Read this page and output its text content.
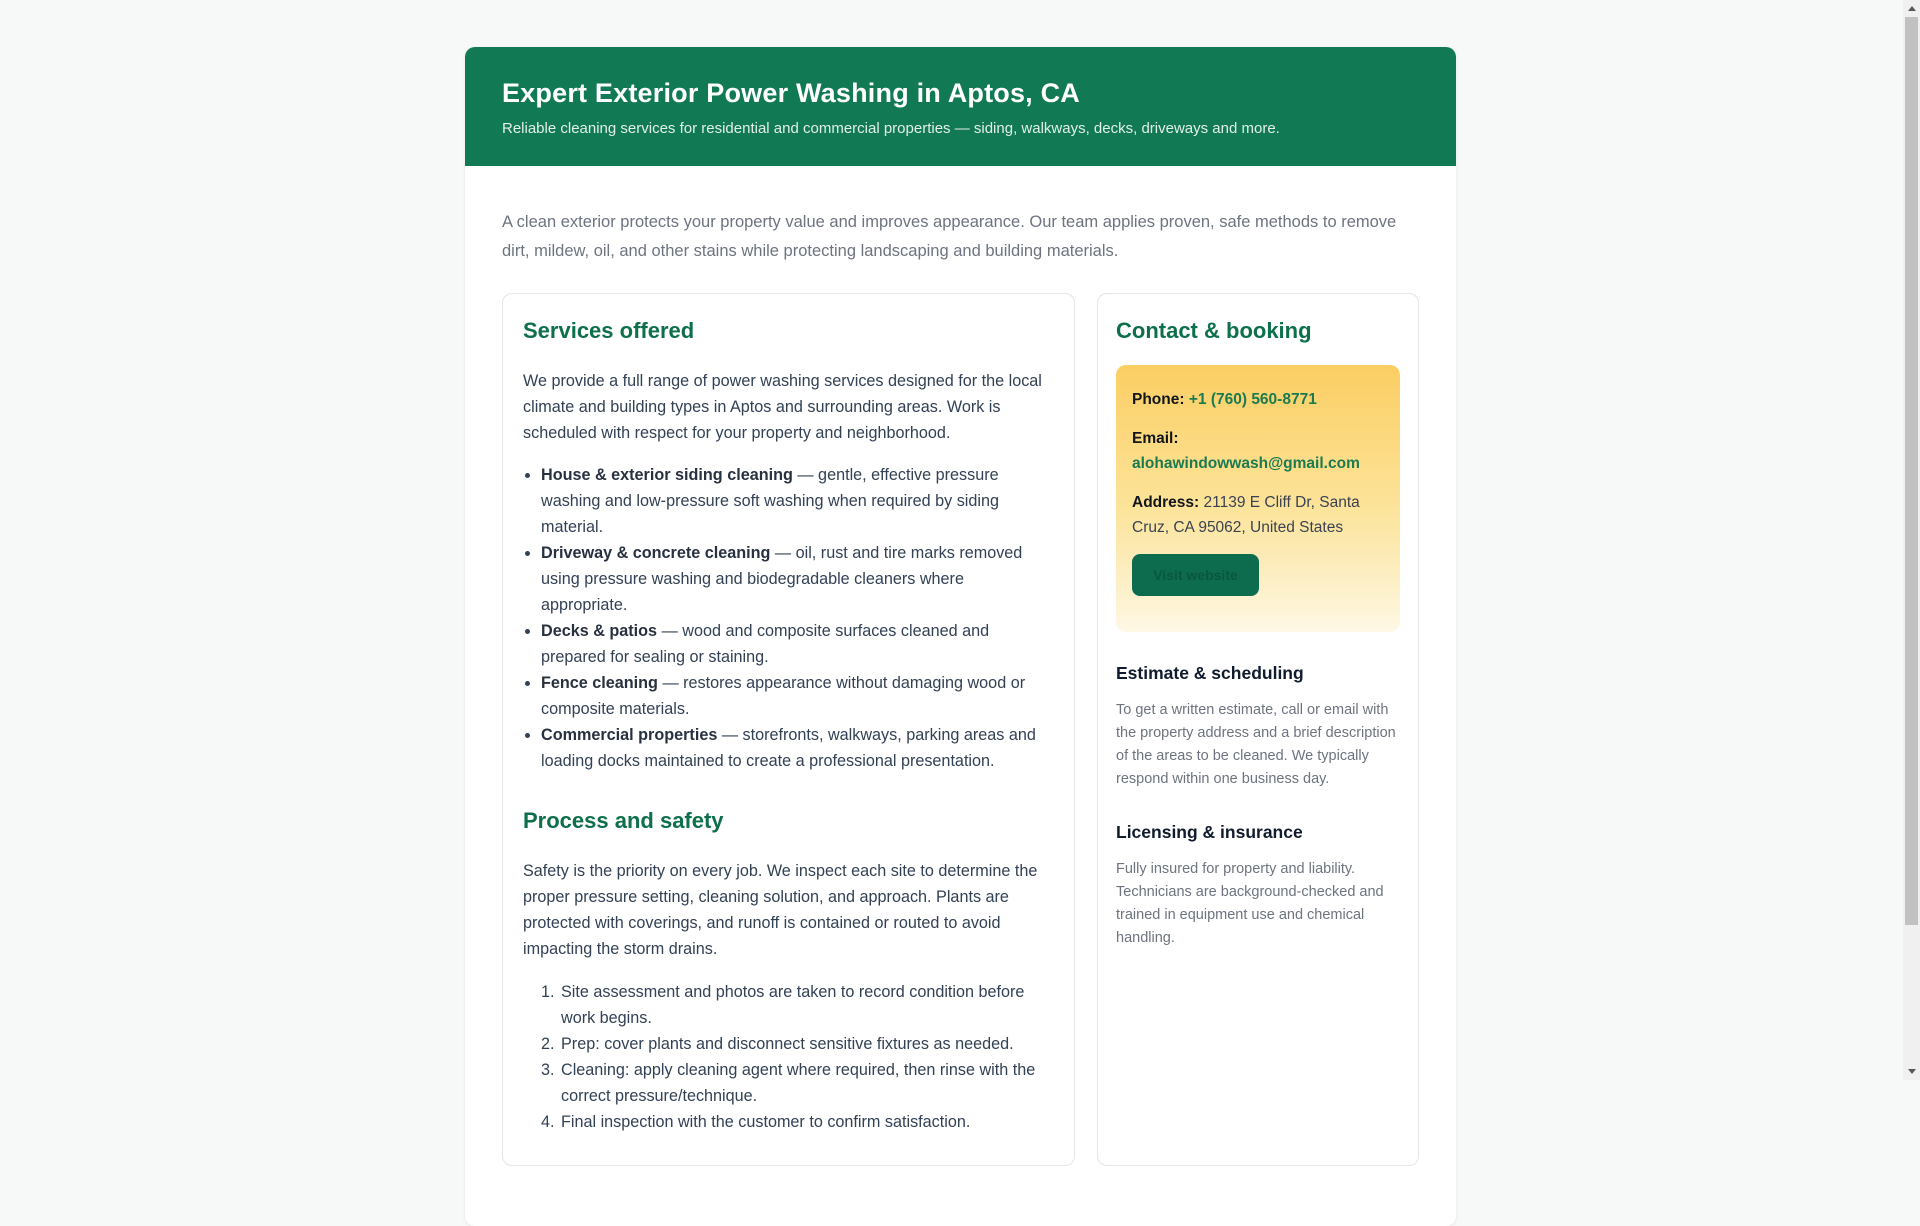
Expert Exterior Power Washing in Aptos, CA

Reliable cleaning services for residential and commercial properties — siding, walkways, decks, driveways and more.

A clean exterior protects your property value and improves appearance. Our team applies proven, safe methods to remove dirt, mildew, oil, and other stains while protecting landscaping and building materials.

Services offered

We provide a full range of power washing services designed for the local climate and building types in Aptos and surrounding areas. Work is scheduled with respect for your property and neighborhood.

• House & exterior siding cleaning — gentle, effective pressure washing and low-pressure soft washing when required by siding material.
• Driveway & concrete cleaning — oil, rust and tire marks removed using pressure washing and biodegradable cleaners where appropriate.
• Decks & patios — wood and composite surfaces cleaned and prepared for sealing or staining.
• Fence cleaning — restores appearance without damaging wood or composite materials.
• Commercial properties — storefronts, walkways, parking areas and loading docks maintained to create a professional presentation.
Process and safety

Safety is the priority on every job. We inspect each site to determine the proper pressure setting, cleaning solution, and approach. Plants are protected with coverings, and runoff is contained or routed to avoid impacting the storm drains.

1. Site assessment and photos are taken to record condition before work begins.
2. Prep: cover plants and disconnect sensitive fixtures as needed.
3. Cleaning: apply cleaning agent where required, then rinse with the correct pressure/technique.
4. Final inspection with the customer to confirm satisfaction.
Contact & booking

Phone: +1 (760) 560-8771

Email: alohawindowwash@gmail.com

Address: 21139 E Cliff Dr, Santa Cruz, CA 95062, United States

Visit website
Estimate & scheduling

To get a written estimate, call or email with the property address and a brief description of the areas to be cleaned. We typically respond within one business day.

Licensing & insurance

Fully insured for property and liability. Technicians are background-checked and trained in equipment use and chemical handling.
